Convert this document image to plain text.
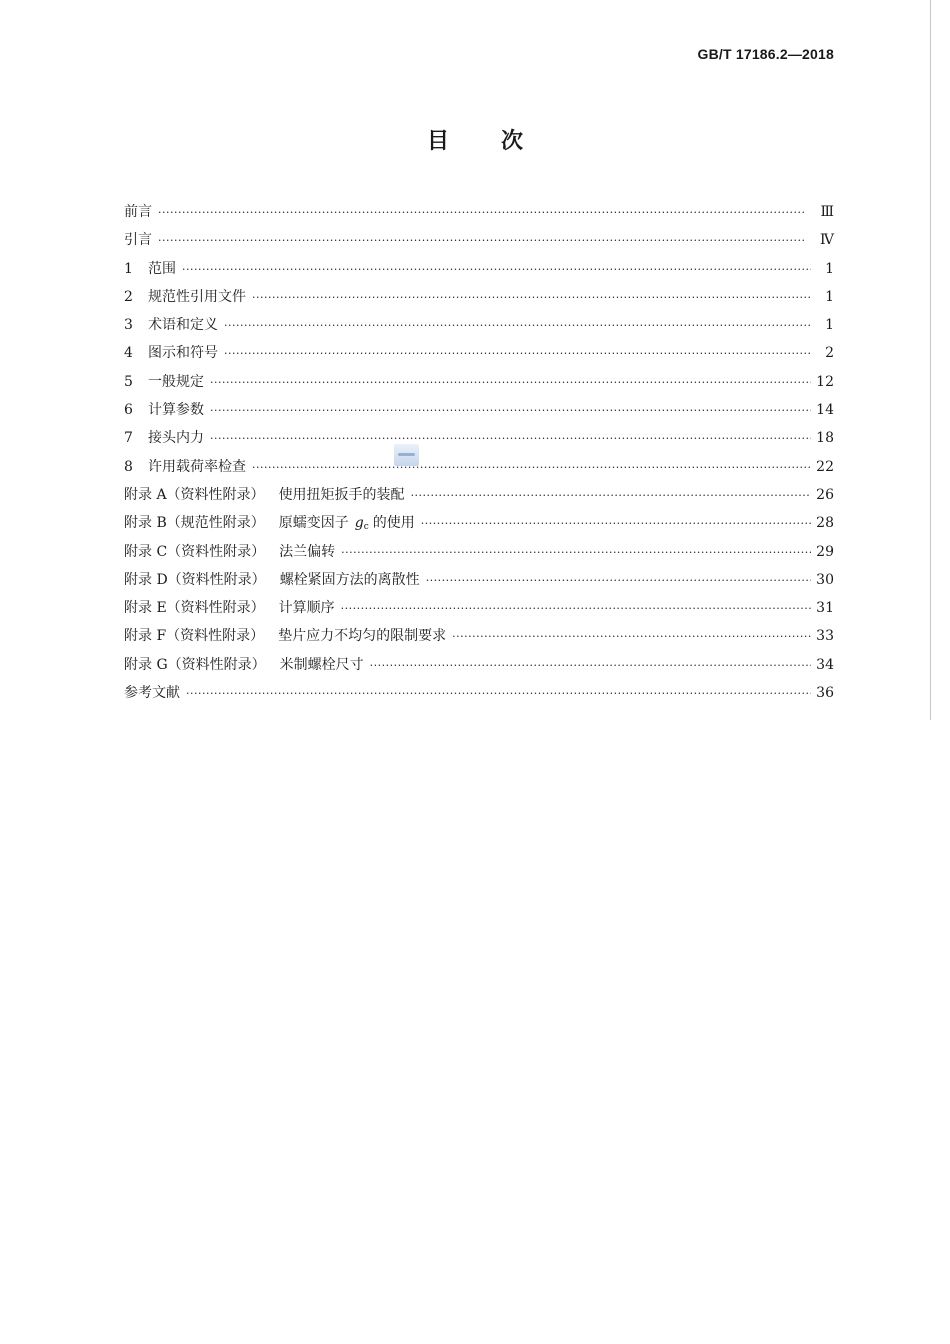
GB/T 17186.2—2018
目 次
前言 ·····	Ⅲ
引言 ·····	Ⅳ
1 范围 ·····	1
2 规范性引用文件 ·····	1
3 术语和定义 ·····	1
4 图示和符号 ·····	2
5 一般规定 ·····	12
6 计算参数 ·····	14
7 接头内力 ·····	18
8 许用载荷率检查 ·····	22
附录 A（资料性附录） 使用扭矩扳手的装配 ·····	26
附录 B（规范性附录） 原蠕变因子 $g_c$ 的使用 ·····	28
附录 C（资料性附录） 法兰偏转 ·····	29
附录 D（资料性附录） 螺栓紧固方法的离散性 ·····	30
附录 E（资料性附录） 计算顺序 ·····	31
附录 F（资料性附录） 垫片应力不均匀的限制要求 ·····	33
附录 G（资料性附录） 米制螺栓尺寸 ·····	34
参考文献 ·····	36
